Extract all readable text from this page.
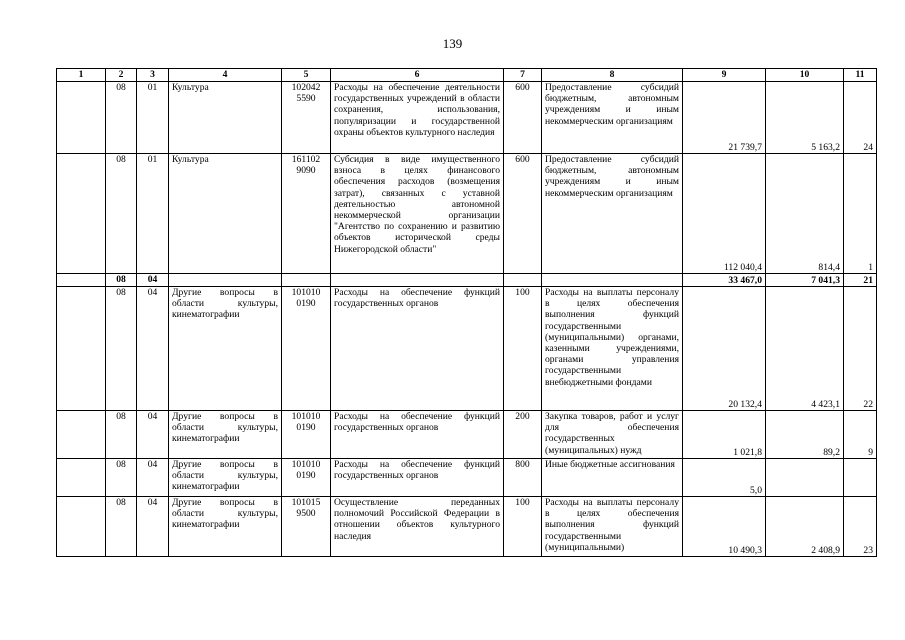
139
1	2	3	4	5	6	7	8	9	10	11
	08	01	Культура	102042 5590	Расходы на обеспечение деятельности государственных учреждений в области сохранения, использования, популяризации и государственной охраны объектов культурного наследия	600	Предоставление субсидий бюджетным, автономным учреждениям и иным некоммерческим организациям	21 739,7	5 163,2	24
	08	01	Культура	161102 9090	Субсидия в виде имущественного взноса в целях финансового обеспечения расходов (возмещения затрат), связанных с уставной деятельностью автономной некоммерческой организации "Агентство по сохранению и развитию объектов исторической среды Нижегородской области"	600	Предоставление субсидий бюджетным, автономным учреждениям и иным некоммерческим организациям	112 040,4	814,4	1
	08	04						33 467,0	7 041,3	21
	08	04	Другие вопросы в области культуры, кинематографии	101010 0190	Расходы на обеспечение функций государственных органов	100	Расходы на выплаты персоналу в целях обеспечения выполнения функций государственными (муниципальными) органами, казенными учреждениями, органами управления государственными внебюджетными фондами	20 132,4	4 423,1	22
	08	04	Другие вопросы в области культуры, кинематографии	101010 0190	Расходы на обеспечение функций государственных органов	200	Закупка товаров, работ и услуг для обеспечения государственных (муниципальных) нужд	1 021,8	89,2	9
	08	04	Другие вопросы в области культуры, кинематографии	101010 0190	Расходы на обеспечение функций государственных органов	800	Иные бюджетные ассигнования	5,0		
	08	04	Другие вопросы в области культуры, кинематографии	101015 9500	Осуществление переданных полномочий Российской Федерации в отношении объектов культурного наследия	100	Расходы на выплаты персоналу в целях обеспечения выполнения функций государственными (муниципальными)	10 490,3	2 408,9	23
